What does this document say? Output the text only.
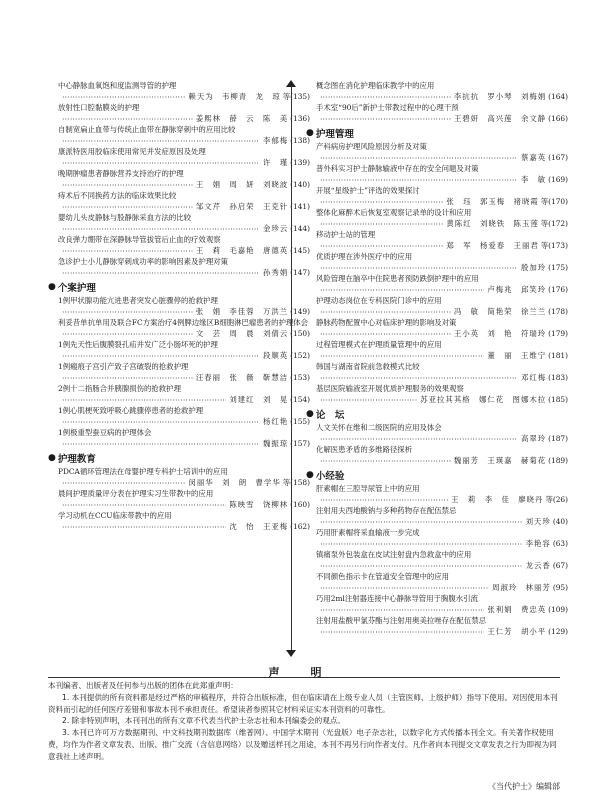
中心静脉血氧饱和度监测导管的护理
⋯⋯⋯⋯⋯⋯⋯⋯⋯⋯⋯⋯⋯⋯⋯⋯⋯⋯⋯⋯⋯⋯⋯⋯⋯⋯⋯⋯⋯⋯⋯⋯⋯⋯
赖天为　韦柳青　龙　琼 等(135)
放射性口腔黏膜炎的护理
⋯⋯⋯⋯⋯⋯⋯⋯⋯⋯⋯⋯⋯⋯⋯⋯⋯⋯⋯⋯⋯⋯⋯⋯⋯⋯⋯⋯⋯⋯⋯⋯⋯⋯
姜熙林　薛　云　陈　美 (136)
自制宽扁止血带与传统止血带在静脉穿刺中的应用比较
⋯⋯⋯⋯⋯⋯⋯⋯⋯⋯⋯⋯⋯⋯⋯⋯⋯⋯⋯⋯⋯⋯⋯⋯⋯⋯⋯⋯⋯⋯⋯⋯⋯⋯
李郁梅 (138)
康派特医用胶临床使用常见并发症原因及处理
⋯⋯⋯⋯⋯⋯⋯⋯⋯⋯⋯⋯⋯⋯⋯⋯⋯⋯⋯⋯⋯⋯⋯⋯⋯⋯⋯⋯⋯⋯⋯⋯⋯⋯
许　瑾 (139)
晚期肿瘤患者静脉营养支持治疗的护理
⋯⋯⋯⋯⋯⋯⋯⋯⋯⋯⋯⋯⋯⋯⋯⋯⋯⋯⋯⋯⋯⋯⋯⋯⋯⋯⋯⋯⋯⋯⋯⋯⋯⋯
王　娟　周　妍　刘晓波 (140)
痔术后不同换药方法的临床效果比较
⋯⋯⋯⋯⋯⋯⋯⋯⋯⋯⋯⋯⋯⋯⋯⋯⋯⋯⋯⋯⋯⋯⋯⋯⋯⋯⋯⋯⋯⋯⋯⋯⋯⋯
邹文芹　孙启荣　王克针 (141)
婴幼儿头皮静脉与股静脉采血方法的比较
⋯⋯⋯⋯⋯⋯⋯⋯⋯⋯⋯⋯⋯⋯⋯⋯⋯⋯⋯⋯⋯⋯⋯⋯⋯⋯⋯⋯⋯⋯⋯⋯⋯⋯
金珍云 (144)
改良弹力绷带在深静脉导管拔管后止血的疗效观察
⋯⋯⋯⋯⋯⋯⋯⋯⋯⋯⋯⋯⋯⋯⋯⋯⋯⋯⋯⋯⋯⋯⋯⋯⋯⋯⋯⋯⋯⋯⋯⋯⋯⋯
王　莉　毛嘉艳　唐德英 (145)
急诊护士小儿静脉穿刺成功率的影响因素及护理对策
⋯⋯⋯⋯⋯⋯⋯⋯⋯⋯⋯⋯⋯⋯⋯⋯⋯⋯⋯⋯⋯⋯⋯⋯⋯⋯⋯⋯⋯⋯⋯⋯⋯⋯
孙秀娟 (147)
● 个案护理
1例甲状腺功能亢进患者突发心脏骤停的抢救护理
⋯⋯⋯⋯⋯⋯⋯⋯⋯⋯⋯⋯⋯⋯⋯⋯⋯⋯⋯⋯⋯⋯⋯⋯⋯⋯⋯⋯⋯⋯⋯⋯⋯⋯
张　娟　李佳蓉　万洪兰 (149)
利妥昔单抗单用及联合FC方案治疗4例脾边缘区B细胞淋巴瘤患者的护理体会
⋯⋯⋯⋯⋯⋯⋯⋯⋯⋯⋯⋯⋯⋯⋯⋯⋯⋯⋯⋯⋯⋯⋯⋯⋯⋯⋯⋯⋯⋯⋯⋯⋯⋯
文　芸　周　晨　刘倩云 (150)
1例先天性后腹膜裂孔疝并发广泛小肠坏死的护理
⋯⋯⋯⋯⋯⋯⋯⋯⋯⋯⋯⋯⋯⋯⋯⋯⋯⋯⋯⋯⋯⋯⋯⋯⋯⋯⋯⋯⋯⋯⋯⋯⋯⋯
段顺英 (152)
1例瘢痕子宫引产致子宫破裂的抢救护理
⋯⋯⋯⋯⋯⋯⋯⋯⋯⋯⋯⋯⋯⋯⋯⋯⋯⋯⋯⋯⋯⋯⋯⋯⋯⋯⋯⋯⋯⋯⋯⋯⋯⋯
汪春丽　张　薇　靳慧洁 (153)
2例十二指肠合并胰腺损伤的抢救护理
⋯⋯⋯⋯⋯⋯⋯⋯⋯⋯⋯⋯⋯⋯⋯⋯⋯⋯⋯⋯⋯⋯⋯⋯⋯⋯⋯⋯⋯⋯⋯⋯⋯⋯
刘建红　刘　晃 (154)
1例心肌梗死致呼吸心跳骤停患者的抢救护理
⋯⋯⋯⋯⋯⋯⋯⋯⋯⋯⋯⋯⋯⋯⋯⋯⋯⋯⋯⋯⋯⋯⋯⋯⋯⋯⋯⋯⋯⋯⋯⋯⋯⋯
杨红艳 (155)
1例极重型蚕豆病的护理体会
⋯⋯⋯⋯⋯⋯⋯⋯⋯⋯⋯⋯⋯⋯⋯⋯⋯⋯⋯⋯⋯⋯⋯⋯⋯⋯⋯⋯⋯⋯⋯⋯⋯⋯
魏振琼 (157)
● 护理教育
PDCA循环管理法在母婴护理专科护士培训中的应用
⋯⋯⋯⋯⋯⋯⋯⋯⋯⋯⋯⋯⋯⋯⋯⋯⋯⋯⋯⋯⋯⋯⋯⋯⋯⋯⋯⋯⋯⋯⋯⋯⋯⋯
闵丽华　刘　朗　曹学华 等(158)
晨间护理质量评分表在护理实习生带教中的应用
⋯⋯⋯⋯⋯⋯⋯⋯⋯⋯⋯⋯⋯⋯⋯⋯⋯⋯⋯⋯⋯⋯⋯⋯⋯⋯⋯⋯⋯⋯⋯⋯⋯⋯
陈映雪　饶柳林 (160)
学习动机在CCU临床带教中的应用
⋯⋯⋯⋯⋯⋯⋯⋯⋯⋯⋯⋯⋯⋯⋯⋯⋯⋯⋯⋯⋯⋯⋯⋯⋯⋯⋯⋯⋯⋯⋯⋯⋯⋯
沈　怡　王亚梅 (162)
概念图在消化护理临床教学中的应用
⋯⋯⋯⋯⋯⋯⋯⋯⋯⋯⋯⋯⋯⋯⋯⋯⋯⋯⋯⋯⋯⋯⋯⋯⋯⋯⋯⋯⋯⋯⋯⋯⋯⋯
李抗抗　罗小琴　刘梅娟 (164)
手术室“90后”新护士带教过程中的心理干预
⋯⋯⋯⋯⋯⋯⋯⋯⋯⋯⋯⋯⋯⋯⋯⋯⋯⋯⋯⋯⋯⋯⋯⋯⋯⋯⋯⋯⋯⋯⋯⋯⋯⋯
王碧妍　高兴莲　余文静 (166)
● 护理管理
产科病房护理风险原因分析及对策
⋯⋯⋯⋯⋯⋯⋯⋯⋯⋯⋯⋯⋯⋯⋯⋯⋯⋯⋯⋯⋯⋯⋯⋯⋯⋯⋯⋯⋯⋯⋯⋯⋯⋯
蔡嘉英 (167)
普外科实习护士静脉输液中存在的安全问题及对策
⋯⋯⋯⋯⋯⋯⋯⋯⋯⋯⋯⋯⋯⋯⋯⋯⋯⋯⋯⋯⋯⋯⋯⋯⋯⋯⋯⋯⋯⋯⋯⋯⋯⋯
李　敏 (169)
开展“星级护士”评选的效果探讨
⋯⋯⋯⋯⋯⋯⋯⋯⋯⋯⋯⋯⋯⋯⋯⋯⋯⋯⋯⋯⋯⋯⋯⋯⋯⋯⋯⋯⋯⋯⋯⋯⋯⋯
张　珏　郭玉梅　褚晓霞 等(170)
整体化麻醉术后恢复室观察记录单的设计和应用
⋯⋯⋯⋯⋯⋯⋯⋯⋯⋯⋯⋯⋯⋯⋯⋯⋯⋯⋯⋯⋯⋯⋯⋯⋯⋯⋯⋯⋯⋯⋯⋯⋯⋯
黄陈红　刘晓铁　陈玉莲 等(172)
移动护士站的管理
⋯⋯⋯⋯⋯⋯⋯⋯⋯⋯⋯⋯⋯⋯⋯⋯⋯⋯⋯⋯⋯⋯⋯⋯⋯⋯⋯⋯⋯⋯⋯⋯⋯⋯
郑　军　杨爱春　王丽君 等(173)
优质护理在涉外医疗中的应用
⋯⋯⋯⋯⋯⋯⋯⋯⋯⋯⋯⋯⋯⋯⋯⋯⋯⋯⋯⋯⋯⋯⋯⋯⋯⋯⋯⋯⋯⋯⋯⋯⋯⋯
殷加玲 (175)
风险管理在脑卒中住院患者预防跌倒护理中的应用
⋯⋯⋯⋯⋯⋯⋯⋯⋯⋯⋯⋯⋯⋯⋯⋯⋯⋯⋯⋯⋯⋯⋯⋯⋯⋯⋯⋯⋯⋯⋯⋯⋯⋯
卢梅兆　邱笑玲 (176)
护理动态岗位在专科医院门诊中的应用
⋯⋯⋯⋯⋯⋯⋯⋯⋯⋯⋯⋯⋯⋯⋯⋯⋯⋯⋯⋯⋯⋯⋯⋯⋯⋯⋯⋯⋯⋯⋯⋯⋯⋯
冯　敏　简艳荣　徐兰兰 (178)
静脉药物配置中心对临床护理的影响及对策
⋯⋯⋯⋯⋯⋯⋯⋯⋯⋯⋯⋯⋯⋯⋯⋯⋯⋯⋯⋯⋯⋯⋯⋯⋯⋯⋯⋯⋯⋯⋯⋯⋯⋯
王小英　刘　艳　符瑞玲 (179)
过程管理模式在护理质量管理中的应用
⋯⋯⋯⋯⋯⋯⋯⋯⋯⋯⋯⋯⋯⋯⋯⋯⋯⋯⋯⋯⋯⋯⋯⋯⋯⋯⋯⋯⋯⋯⋯⋯⋯⋯
董　丽　王维宁 (181)
韩国与湖南省院前急救模式比较
⋯⋯⋯⋯⋯⋯⋯⋯⋯⋯⋯⋯⋯⋯⋯⋯⋯⋯⋯⋯⋯⋯⋯⋯⋯⋯⋯⋯⋯⋯⋯⋯⋯⋯
邓红梅 (183)
基层医院输液室开展优质护理服务的效果观察
⋯⋯⋯⋯⋯⋯⋯⋯⋯⋯⋯⋯⋯⋯⋯⋯⋯⋯⋯⋯⋯⋯⋯⋯⋯⋯⋯⋯⋯⋯⋯⋯⋯⋯
苏亚拉其其格　娜仁花　图娜木拉 (185)
● 论　坛
人文关怀在维和二级医院的应用及体会
⋯⋯⋯⋯⋯⋯⋯⋯⋯⋯⋯⋯⋯⋯⋯⋯⋯⋯⋯⋯⋯⋯⋯⋯⋯⋯⋯⋯⋯⋯⋯⋯⋯⋯
高翠玲 (187)
化解医患矛盾的多维路径探析
⋯⋯⋯⋯⋯⋯⋯⋯⋯⋯⋯⋯⋯⋯⋯⋯⋯⋯⋯⋯⋯⋯⋯⋯⋯⋯⋯⋯⋯⋯⋯⋯⋯⋯
魏丽芳　王瑛嘉　赫菊花 (189)
● 小经验
肝素帽在三腔导尿管上中的应用
⋯⋯⋯⋯⋯⋯⋯⋯⋯⋯⋯⋯⋯⋯⋯⋯⋯⋯⋯⋯⋯⋯⋯⋯⋯⋯⋯⋯⋯⋯⋯⋯⋯⋯
王　莉　李　佳　廖晓丹 等(26)
注射用夫西地酸钠与多种药物存在配伍禁忌
⋯⋯⋯⋯⋯⋯⋯⋯⋯⋯⋯⋯⋯⋯⋯⋯⋯⋯⋯⋯⋯⋯⋯⋯⋯⋯⋯⋯⋯⋯⋯⋯⋯⋯
刘天珍 (40)
巧用肝素帽将采血输液一步完成
⋯⋯⋯⋯⋯⋯⋯⋯⋯⋯⋯⋯⋯⋯⋯⋯⋯⋯⋯⋯⋯⋯⋯⋯⋯⋯⋯⋯⋯⋯⋯⋯⋯⋯
李艳容 (63)
镇痛泵外包装盒在皮试注射盘内急救盒中的应用
⋯⋯⋯⋯⋯⋯⋯⋯⋯⋯⋯⋯⋯⋯⋯⋯⋯⋯⋯⋯⋯⋯⋯⋯⋯⋯⋯⋯⋯⋯⋯⋯⋯⋯
龙云香 (67)
不同颜色指示卡在管道安全管理中的应用
⋯⋯⋯⋯⋯⋯⋯⋯⋯⋯⋯⋯⋯⋯⋯⋯⋯⋯⋯⋯⋯⋯⋯⋯⋯⋯⋯⋯⋯⋯⋯⋯⋯⋯
周淑玲　林丽芳 (95)
巧用2ml注射器连接中心静脉导管用于胸腹水引流
⋯⋯⋯⋯⋯⋯⋯⋯⋯⋯⋯⋯⋯⋯⋯⋯⋯⋯⋯⋯⋯⋯⋯⋯⋯⋯⋯⋯⋯⋯⋯⋯⋯⋯
张利娟　费忠英 (109)
注射用盐酸甲氯芬酯与注射用奥美拉唑存在配伍禁忌
⋯⋯⋯⋯⋯⋯⋯⋯⋯⋯⋯⋯⋯⋯⋯⋯⋯⋯⋯⋯⋯⋯⋯⋯⋯⋯⋯⋯⋯⋯⋯⋯⋯⋯
王仁芳　胡小平 (129)
声　明

本刊编者、出版者及任何参与出版的团体在此郑重声明：

1. 本刊提供的所有资料都是经过严格的审稿程序，并符合出版标准，但在临床请在上级专业人员（主管医师、上级护师）指导下使用。对因使用本刊资料而引起的任何医疗差错和事故本刊不承担责任。希望读者参照其它材料采证实本刊资料的可靠性。

2. 除非特别声明，本刊刊出的所有文章不代表当代护士杂志社和本刊编委会的观点。

3. 本刊已许可万方数据期刊、中文科技期刊数据库（维普网）、中国学术期刊（光盘版）电子杂志社，以数字化方式传播本刊全文。有关著作权使用费，均作为作者文章发表、出版、推广交流（含信息网络）以及赠送样刊之用途，本刊不再另行向作者支付。凡作者向本刊提交文章发表之行为即视为同意我社上述声明。

《当代护士》编辑部
